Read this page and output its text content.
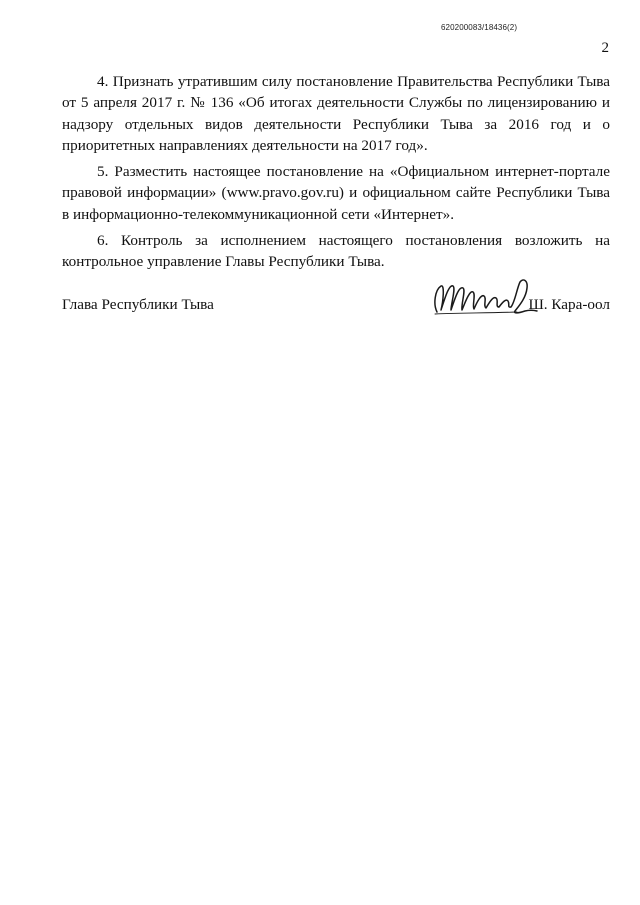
620200083/18436(2)
2

4. Признать утратившим силу постановление Правительства Республики Тыва от 5 апреля 2017 г. № 136 «Об итогах деятельности Службы по лицензированию и надзору отдельных видов деятельности Республики Тыва за 2016 год и о приоритетных направлениях деятельности на 2017 год».

5. Разместить настоящее постановление на «Официальном интернет-портале правовой информации» (www.pravo.gov.ru) и официальном сайте Республики Тыва в информационно-телекоммуникационной сети «Интернет».

6. Контроль за исполнением настоящего постановления возложить на контрольное управление Главы Республики Тыва.

Глава Республики Тыва	Ш. Кара-оол
